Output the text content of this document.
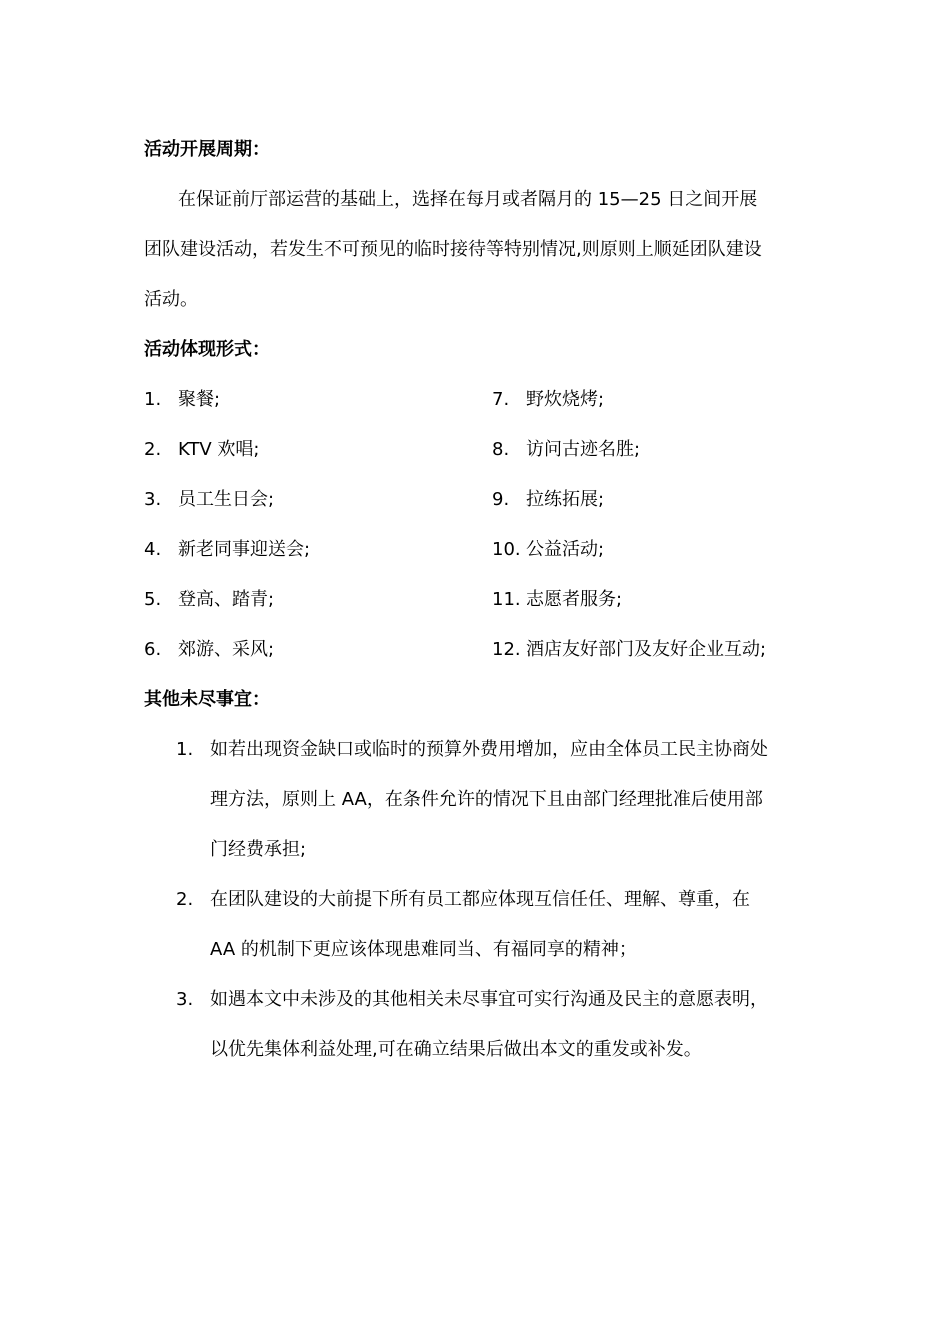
活动开展周期：
在保证前厅部运营的基础上，选择在每月或者隔月的 15—25 日之间开展
团队建设活动，若发生不可预见的临时接待等特别情况,则原则上顺延团队建设
活动。
活动体现形式：
1. 聚餐;
2. KTV 欢唱;
3. 员工生日会;
4. 新老同事迎送会;
5. 登高、踏青;
6. 郊游、采风;
7. 野炊烧烤;
8. 访问古迹名胜;
9. 拉练拓展;
10. 公益活动;
11. 志愿者服务;
12. 酒店友好部门及友好企业互动;
其他未尽事宜：
1. 如若出现资金缺口或临时的预算外费用增加，应由全体员工民主协商处
理方法，原则上 AA，在条件允许的情况下且由部门经理批准后使用部
门经费承担;
2. 在团队建设的大前提下所有员工都应体现互信任任、理解、尊重，在
AA 的机制下更应该体现患难同当、有福同享的精神；
3. 如遇本文中未涉及的其他相关未尽事宜可实行沟通及民主的意愿表明，
以优先集体利益处理,可在确立结果后做出本文的重发或补发。
